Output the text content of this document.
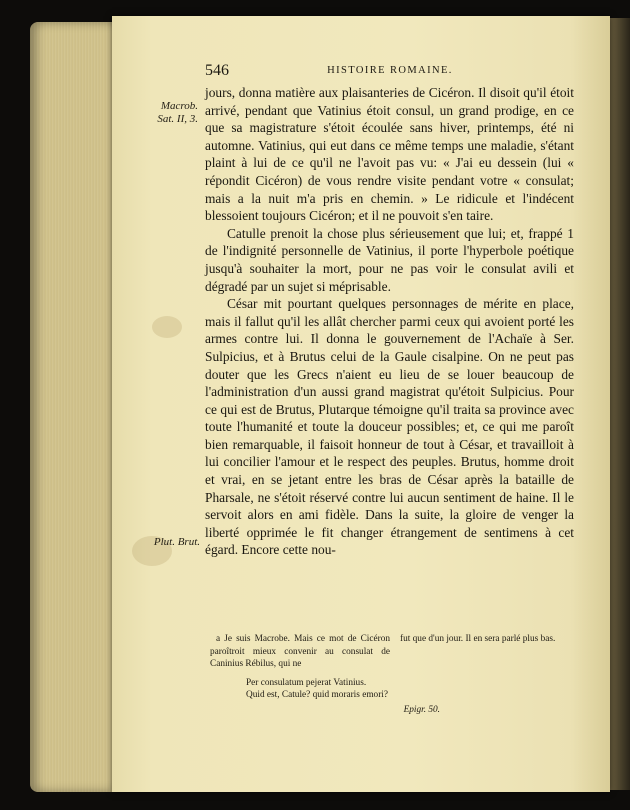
546	HISTOIRE ROMAINE.
Macrob.
Sat. II, 3.
Plut. Brut.

jours, donna matière aux plaisanteries de Cicéron. Il disoit qu'il étoit arrivé, pendant que Vatinius étoit consul, un grand prodige, en ce que sa magistrature s'étoit écoulée sans hiver, printemps, été ni automne. Vatinius, qui eut dans ce même temps une maladie, s'étant plaint à lui de ce qu'il ne l'avoit pas vu: « J'ai eu dessein (lui « répondit Cicéron) de vous rendre visite pendant votre « consulat; mais a la nuit m'a pris en chemin. » Le ridicule et l'indécent blessoient toujours Cicéron; et il ne pouvoit s'en taire.

Catulle prenoit la chose plus sérieusement que lui; et, frappé 1 de l'indignité personnelle de Vatinius, il porte l'hyperbole poétique jusqu'à souhaiter la mort, pour ne pas voir le consulat avili et dégradé par un sujet si méprisable.

César mit pourtant quelques personnages de mérite en place, mais il fallut qu'il les allât chercher parmi ceux qui avoient porté les armes contre lui. Il donna le gouvernement de l'Achaïe à Ser. Sulpicius, et à Brutus celui de la Gaule cisalpine. On ne peut pas douter que les Grecs n'aient eu lieu de se louer beaucoup de l'administration d'un aussi grand magistrat qu'étoit Sulpicius. Pour ce qui est de Brutus, Plutarque témoigne qu'il traita sa province avec toute l'humanité et toute la douceur possibles; et, ce qui me paroît bien remarquable, il faisoit honneur de tout à César, et travailloit à lui concilier l'amour et le respect des peuples. Brutus, homme droit et vrai, en se jetant entre les bras de César après la bataille de Pharsale, ne s'étoit réservé contre lui aucun sentiment de haine. Il le servoit alors en ami fidèle. Dans la suite, la gloire de venger la liberté opprimée le fit changer étrangement de sentimens à cet égard. Encore cette nou-

a Je suis Macrobe. Mais ce mot de Cicéron paroîtroit mieux convenir au consulat de Caninius Rébilus, qui ne
fut que d'un jour. Il en sera parlé plus bas.
Per consulatum pejerat Vatinius.
Quid est, Catule? quid moraris emori?
Epigr. 50.
